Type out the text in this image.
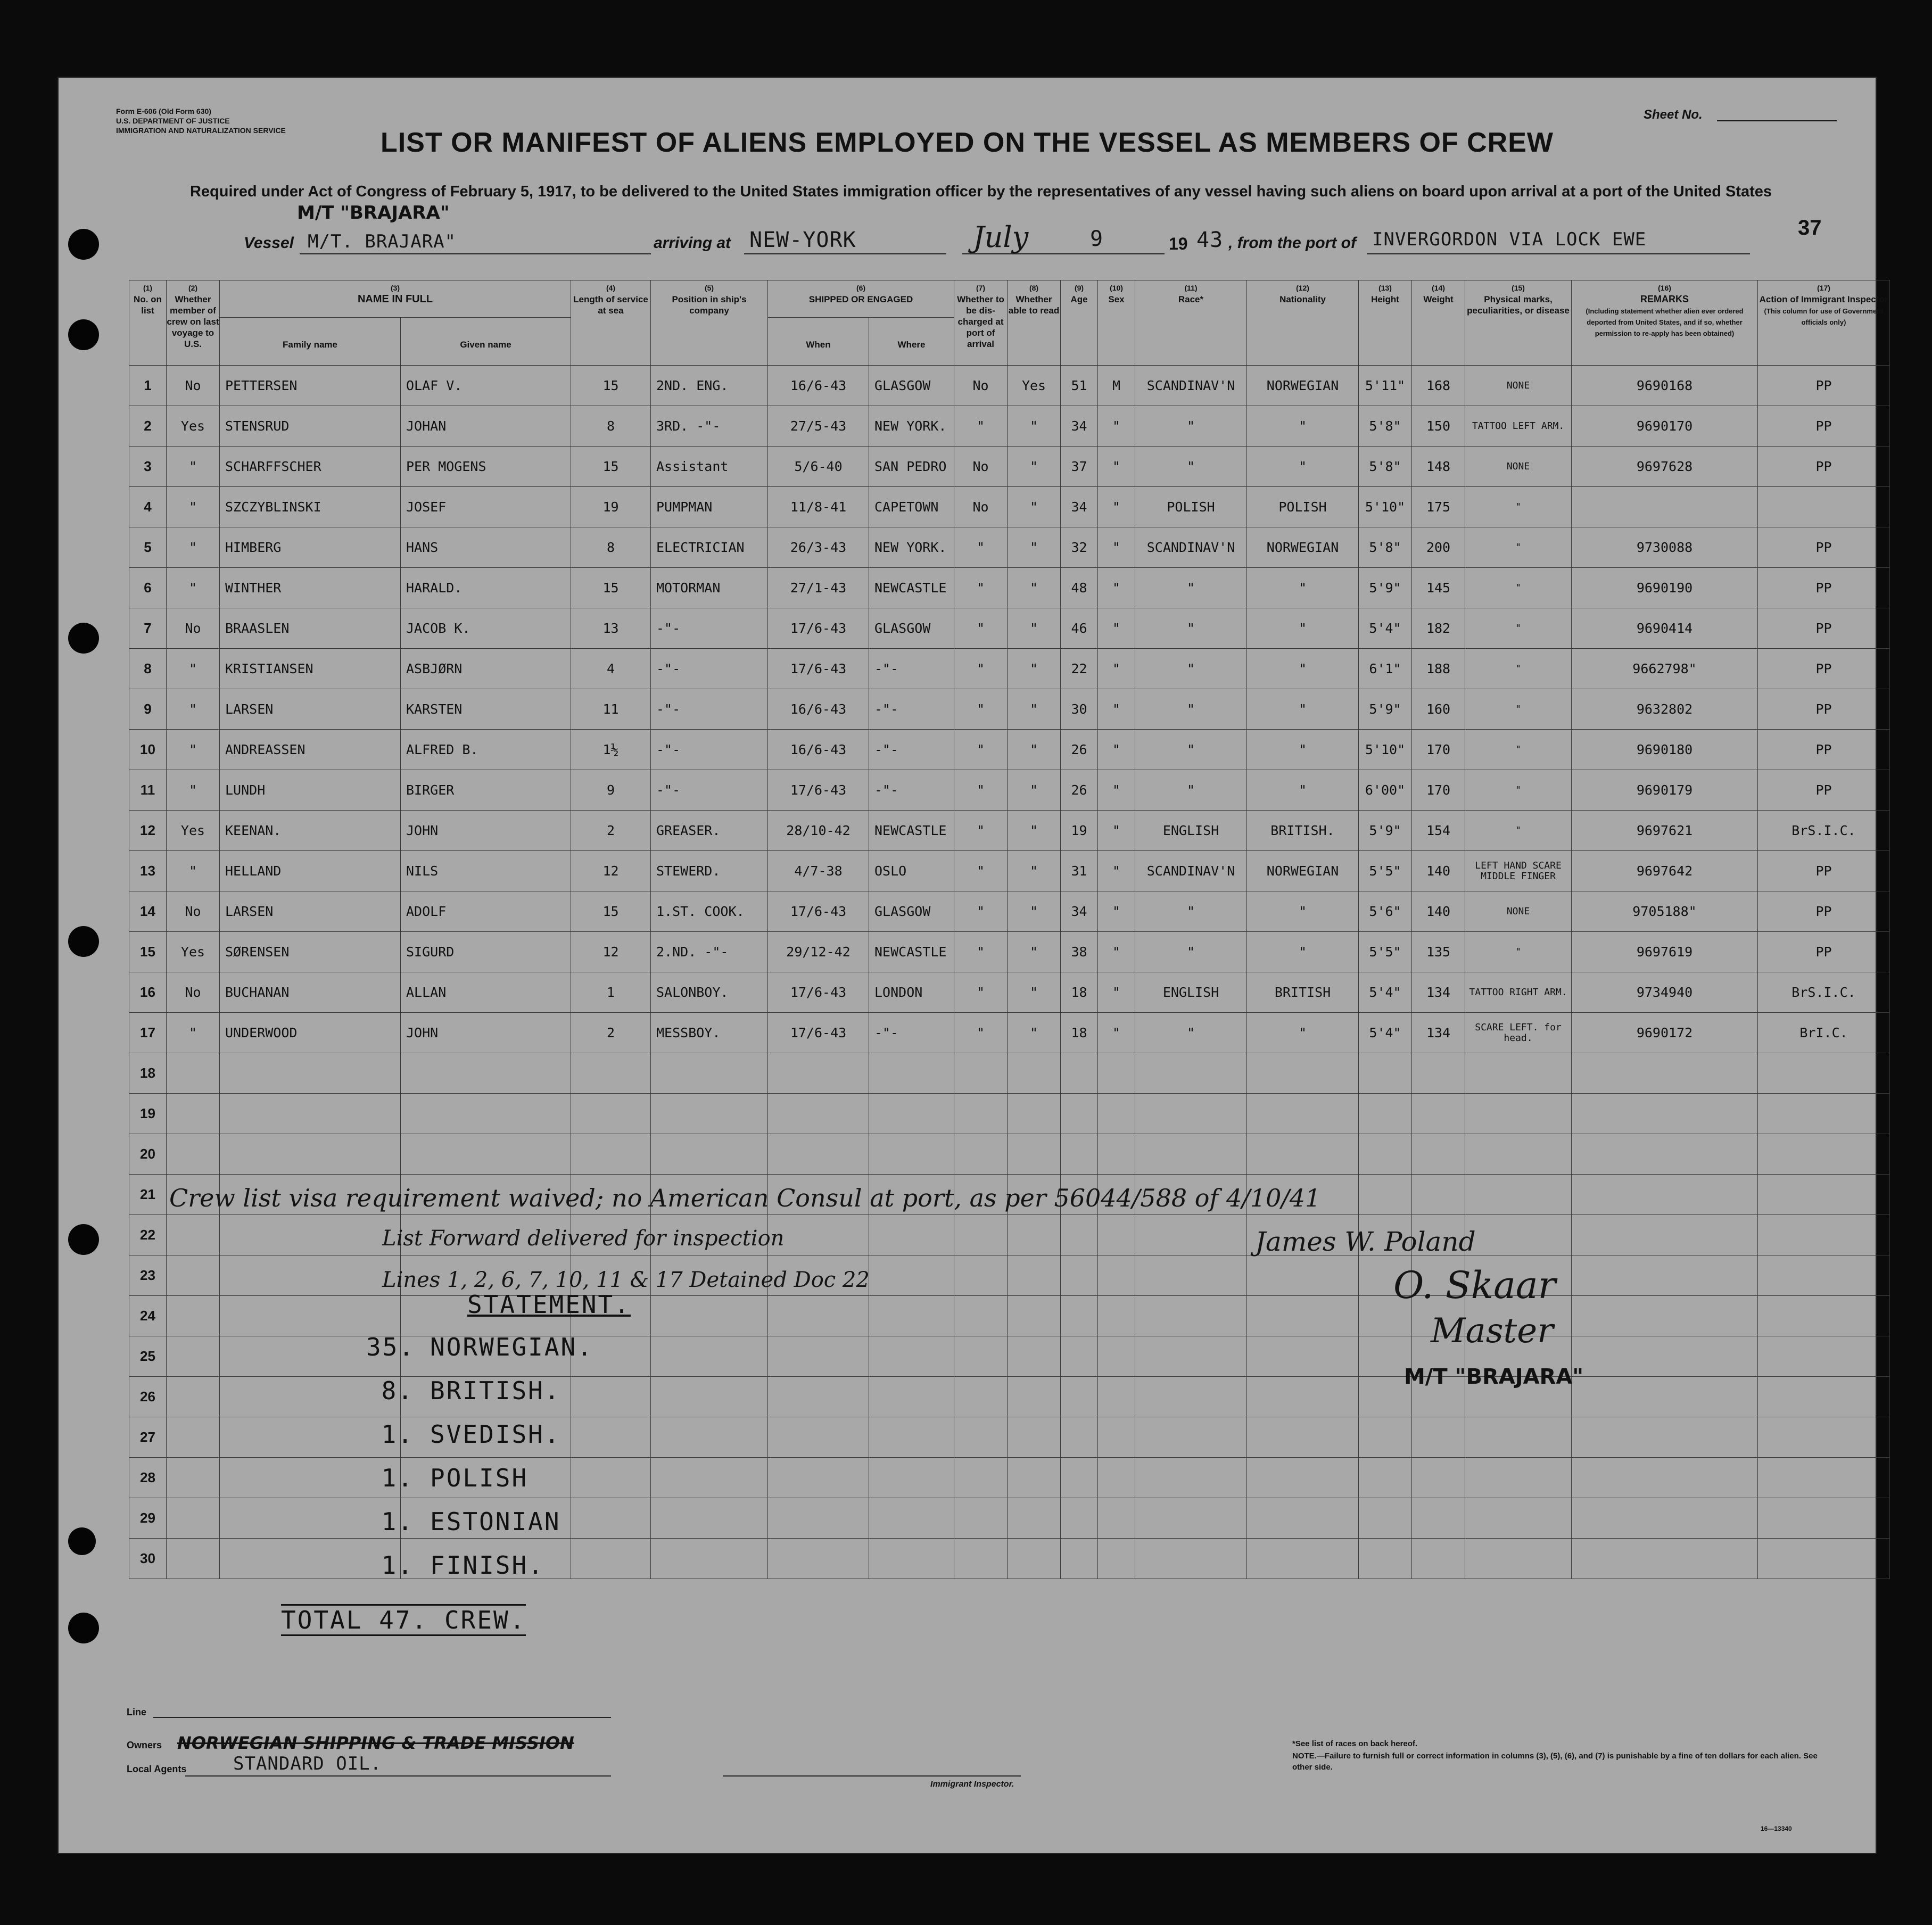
Form E-606 (Old Form 630)
U.S. DEPARTMENT OF JUSTICE
IMMIGRATION AND NATURALIZATION SERVICE
Sheet No.
LIST OR MANIFEST OF ALIENS EMPLOYED ON THE VESSEL AS MEMBERS OF CREW
Required under Act of Congress of February 5, 1917, to be delivered to the United States immigration officer by the representatives of any vessel having such aliens on board upon arrival at a port of the United States
M/T "BRAJARA"
37
Vessel M/T. BRAJARA"	arriving at NEW-YORK	July	9	19 43 , from the port of INVERGORDON VIA LOCK EWE
(1)
No. on list	(2)
Whether member of crew on last voyage to U.S.	(3)
NAME IN FULL		(4)
Length of service at sea	(5)
Position in ship's company	(6)
SHIPPED OR ENGAGED		(7)
Whether to be dis-charged at port of arrival	(8)
Whether able to read	(9)
Age	(10)
Sex	(11)
Race*	(12)
Nationality	(13)
Height	(14)
Weight	(15)
Physical marks, peculiarities, or disease	(16)
REMARKS
(Including statement whether alien ever ordered deported from United States, and if so, whether permission to re-apply has been obtained)	(17)
Action of Immigrant Inspector
(This column for use of Government officials only)

		Family name	Given name			When	Where											

1	No	PETTERSEN	OLAF V.	15	2ND. ENG.	16/6-43	GLASGOW	No	Yes	51	M	SCANDINAV'N	NORWEGIAN	5'11"	168	NONE	9690168	PP
2	Yes	STENSRUD	JOHAN	8	3RD. -"-	27/5-43	NEW YORK.	"	"	34	"	"	"	5'8"	150	TATTOO LEFT ARM.	9690170	PP
3	"	SCHARFFSCHER	PER MOGENS	15	Assistant	5/6-40	SAN PEDRO	No	"	37	"	"	"	5'8"	148	NONE	9697628	PP
4	"	SZCZYBLINSKI	JOSEF	19	PUMPMAN	11/8-41	CAPETOWN	No	"	34	"	POLISH	POLISH	5'10"	175	"		
5	"	HIMBERG	HANS	8	ELECTRICIAN	26/3-43	NEW YORK.	"	"	32	"	SCANDINAV'N	NORWEGIAN	5'8"	200	"	9730088	PP
6	"	WINTHER	HARALD.	15	MOTORMAN	27/1-43	NEWCASTLE	"	"	48	"	"	"	5'9"	145	"	9690190	PP
7	No	BRAASLEN	JACOB K.	13	-"-	17/6-43	GLASGOW	"	"	46	"	"	"	5'4"	182	"	9690414	PP
8	"	KRISTIANSEN	ASBJØRN	4	-"-	17/6-43	-"-	"	"	22	"	"	"	6'1"	188	"	9662798"	PP
9	"	LARSEN	KARSTEN	11	-"-	16/6-43	-"-	"	"	30	"	"	"	5'9"	160	"	9632802	PP
10	"	ANDREASSEN	ALFRED B.	1½	-"-	16/6-43	-"-	"	"	26	"	"	"	5'10"	170	"	9690180	PP
11	"	LUNDH	BIRGER	9	-"-	17/6-43	-"-	"	"	26	"	"	"	6'00"	170	"	9690179	PP
12	Yes	KEENAN.	JOHN	2	GREASER.	28/10-42	NEWCASTLE	"	"	19	"	ENGLISH	BRITISH.	5'9"	154	"	9697621	BrS.I.C.
13	"	HELLAND	NILS	12	STEWERD.	4/7-38	OSLO	"	"	31	"	SCANDINAV'N	NORWEGIAN	5'5"	140	LEFT HAND SCARE MIDDLE FINGER	9697642	PP
14	No	LARSEN	ADOLF	15	1.ST. COOK.	17/6-43	GLASGOW	"	"	34	"	"	"	5'6"	140	NONE	9705188"	PP
15	Yes	SØRENSEN	SIGURD	12	2.ND. -"-	29/12-42	NEWCASTLE	"	"	38	"	"	"	5'5"	135	"	9697619	PP
16	No	BUCHANAN	ALLAN	1	SALONBOY.	17/6-43	LONDON	"	"	18	"	ENGLISH	BRITISH	5'4"	134	TATTOO RIGHT ARM.	9734940	BrS.I.C.
17	"	UNDERWOOD	JOHN	2	MESSBOY.	17/6-43	-"-	"	"	18	"	"	"	5'4"	134	SCARE LEFT. for head.	9690172	BrI.C.
18																		
19																		
20																		
21																		
22																		
23																		
24																		
25																		
26																		
27																		
28																		
29																		
30																		
Crew list visa requirement waived; no American Consul at port, as per 56044/588 of 4/10/41
List Forward delivered for inspection
Lines 1, 2, 6, 7, 10, 11 & 17 Detained Doc 22
James W. Poland
STATEMENT.
35. NORWEGIAN.
8. BRITISH.
1. SVEDISH.
1. POLISH
1. ESTONIAN
1. FINISH.
TOTAL 47. CREW.
O. Skaar
Master
M/T "BRAJARA"
Line
Owners NORWEGIAN SHIPPING & TRADE MISSION
Local Agents	STANDARD OIL.
Immigrant Inspector.
*See list of races on back hereof.
NOTE.—Failure to furnish full or correct information in columns (3), (5), (6), and (7) is punishable by a fine of ten dollars for each alien. See other side.
16—13340
